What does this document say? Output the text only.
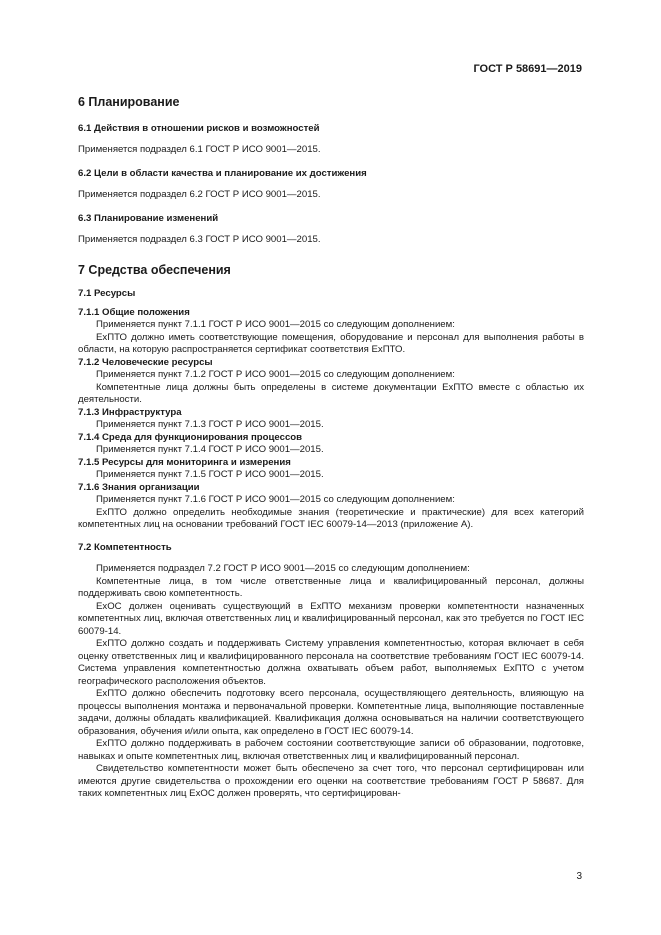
ГОСТ Р 58691—2019
6 Планирование
6.1 Действия в отношении рисков и возможностей
Применяется подраздел 6.1 ГОСТ Р ИСО 9001—2015.
6.2 Цели в области качества и планирование их достижения
Применяется подраздел 6.2 ГОСТ Р ИСО 9001—2015.
6.3 Планирование изменений
Применяется подраздел 6.3 ГОСТ Р ИСО 9001—2015.
7 Средства обеспечения
7.1 Ресурсы
7.1.1 Общие положения
Применяется пункт 7.1.1 ГОСТ Р ИСО 9001—2015 со следующим дополнением:
ExПТО должно иметь соответствующие помещения, оборудование и персонал для выполнения работы в области, на которую распространяется сертификат соответствия ExПТО.
7.1.2 Человеческие ресурсы
Применяется пункт 7.1.2 ГОСТ Р ИСО 9001—2015 со следующим дополнением:
Компетентные лица должны быть определены в системе документации ExПТО вместе с областью их деятельности.
7.1.3 Инфраструктура
Применяется пункт 7.1.3 ГОСТ Р ИСО 9001—2015.
7.1.4 Среда для функционирования процессов
Применяется пункт 7.1.4 ГОСТ Р ИСО 9001—2015.
7.1.5 Ресурсы для мониторинга и измерения
Применяется пункт 7.1.5 ГОСТ Р ИСО 9001—2015.
7.1.6 Знания организации
Применяется пункт 7.1.6 ГОСТ Р ИСО 9001—2015 со следующим дополнением:
ExПТО должно определить необходимые знания (теоретические и практические) для всех категорий компетентных лиц на основании требований ГОСТ IEC 60079-14—2013 (приложение А).
7.2 Компетентность
Применяется подраздел 7.2 ГОСТ Р ИСО 9001—2015 со следующим дополнением:
Компетентные лица, в том числе ответственные лица и квалифицированный персонал, должны поддерживать свою компетентность.
ExОС должен оценивать существующий в ExПТО механизм проверки компетентности назначенных компетентных лиц, включая ответственных лиц и квалифицированный персонал, как это требуется по ГОСТ IEC 60079-14.
ExПТО должно создать и поддерживать Систему управления компетентностью, которая включает в себя оценку ответственных лиц и квалифицированного персонала на соответствие требованиям ГОСТ IEC 60079-14. Система управления компетентностью должна охватывать объем работ, выполняемых ExПТО с учетом географического расположения объектов.
ExПТО должно обеспечить подготовку всего персонала, осуществляющего деятельность, влияющую на процессы выполнения монтажа и первоначальной проверки. Компетентные лица, выполняющие поставленные задачи, должны обладать квалификацией. Квалификация должна основываться на наличии соответствующего образования, обучения и/или опыта, как определено в ГОСТ IEC 60079-14.
ExПТО должно поддерживать в рабочем состоянии соответствующие записи об образовании, подготовке, навыках и опыте компетентных лиц, включая ответственных лиц и квалифицированный персонал.
Свидетельство компетентности может быть обеспечено за счет того, что персонал сертифицирован или имеются другие свидетельства о прохождении его оценки на соответствие требованиям ГОСТ Р 58687. Для таких компетентных лиц ExОС должен проверять, что сертифицирован-
3
